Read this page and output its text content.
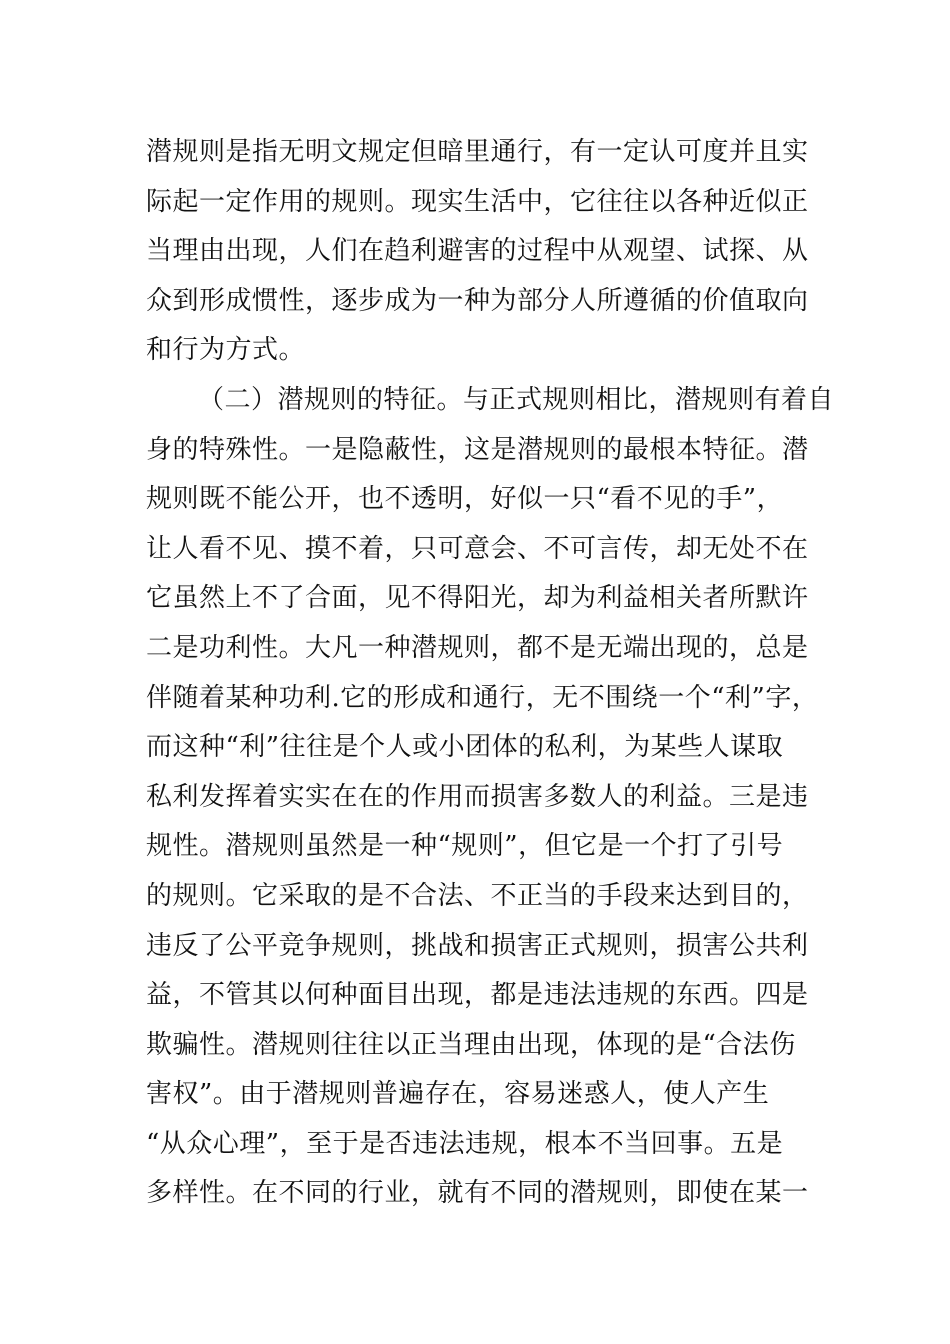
潜规则是指无明文规定但暗里通行，有一定认可度并且实
际起一定作用的规则。现实生活中，它往往以各种近似正
当理由出现，人们在趋利避害的过程中从观望、试探、从
众到形成惯性，逐步成为一种为部分人所遵循的价值取向
和行为方式。
（二）潜规则的特征。与正式规则相比，潜规则有着自
身的特殊性。一是隐蔽性，这是潜规则的最根本特征。潜
规则既不能公开，也不透明，好似一只“看不见的手”，
让人看不见、摸不着，只可意会、不可言传，却无处不在
它虽然上不了合面，见不得阳光，却为利益相关者所默许
二是功利性。大凡一种潜规则，都不是无端出现的，总是
伴随着某种功利.它的形成和通行，无不围绕一个“利”字，
而这种“利”往往是个人或小团体的私利，为某些人谋取
私利发挥着实实在在的作用而损害多数人的利益。三是违
规性。潜规则虽然是一种“规则”，但它是一个打了引号
的规则。它采取的是不合法、不正当的手段来达到目的，
违反了公平竞争规则，挑战和损害正式规则，损害公共利
益，不管其以何种面目出现，都是违法违规的东西。四是
欺骗性。潜规则往往以正当理由出现，体现的是“合法伤
害权”。由于潜规则普遍存在，容易迷惑人，使人产生
“从众心理”，至于是否违法违规，根本不当回事。五是
多样性。在不同的行业，就有不同的潜规则，即使在某一
